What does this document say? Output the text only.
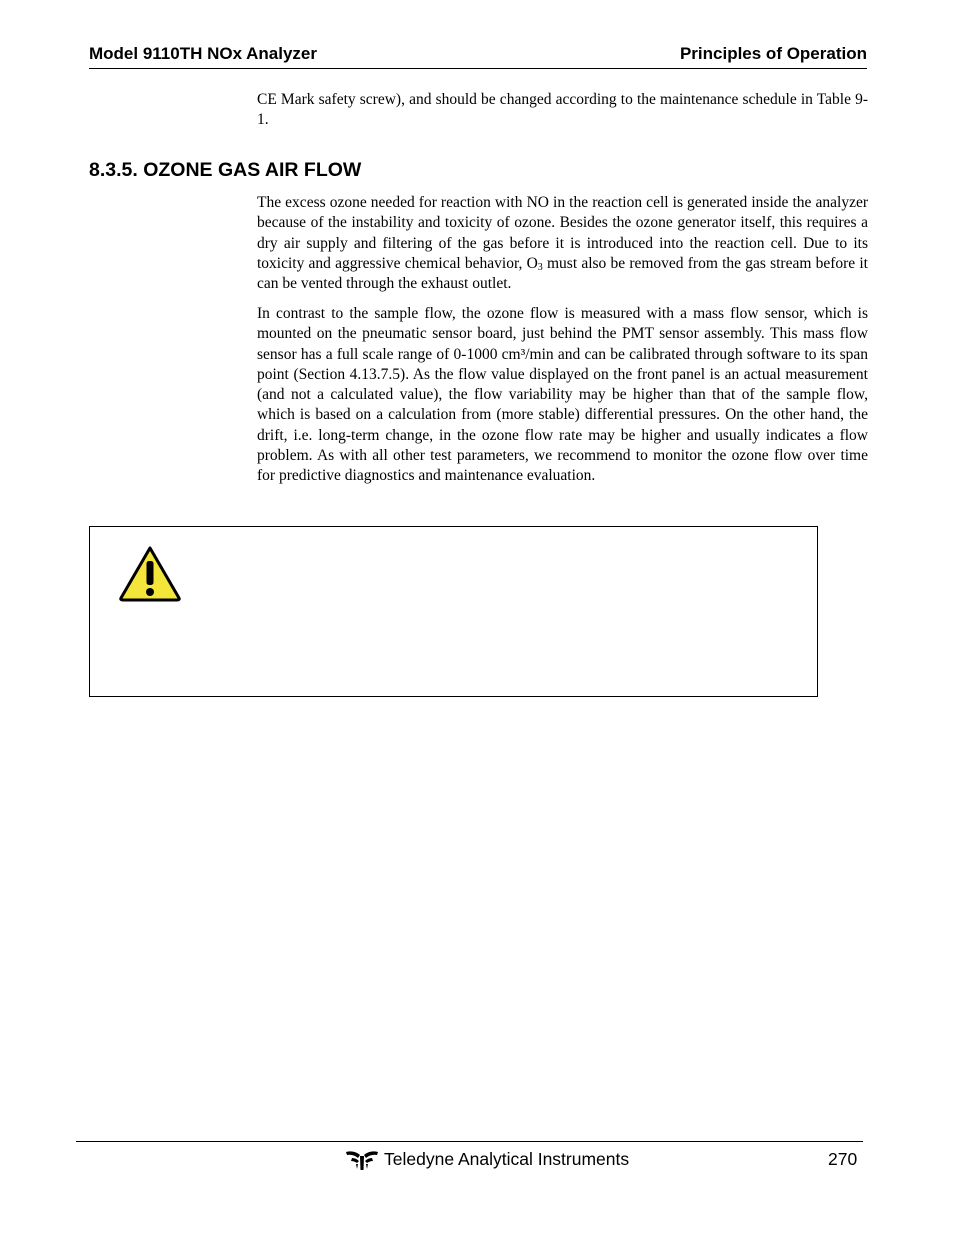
Model 9110TH NOx Analyzer	Principles of Operation

CE Mark safety screw), and should be changed according to the maintenance schedule in Table 9-1.

8.3.5. OZONE GAS AIR FLOW

The excess ozone needed for reaction with NO in the reaction cell is generated inside the analyzer because of the instability and toxicity of ozone. Besides the ozone generator itself, this requires a dry air supply and filtering of the gas before it is introduced into the reaction cell. Due to its toxicity and aggressive chemical behavior, $O_3$ must also be removed from the gas stream before it can be vented through the exhaust outlet.

In contrast to the sample flow, the ozone flow is measured with a mass flow sensor, which is mounted on the pneumatic sensor board, just behind the PMT sensor assembly. This mass flow sensor has a full scale range of 0-1000 cm³/min and can be calibrated through software to its span point (Section 4.13.7.5). As the flow value displayed on the front panel is an actual measurement (and not a calculated value), the flow variability may be higher than that of the sample flow, which is based on a calculation from (more stable) differential pressures. On the other hand, the drift, i.e. long-term change, in the ozone flow rate may be higher and usually indicates a flow problem. As with all other test parameters, we recommend to monitor the ozone flow over time for predictive diagnostics and maintenance evaluation.

Teledyne Analytical Instruments	270
